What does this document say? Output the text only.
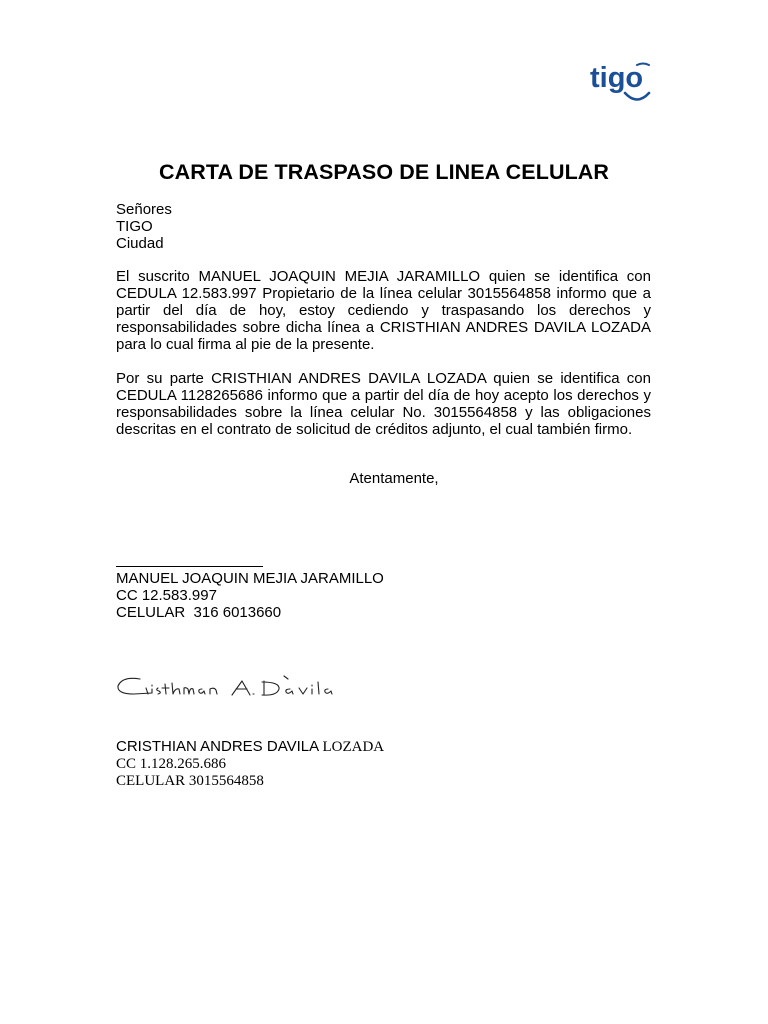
tigo
CARTA DE TRASPASO DE LINEA CELULAR
Señores
TIGO
Ciudad
El suscrito MANUEL JOAQUIN MEJIA JARAMILLO quien se identifica con CEDULA 12.583.997 Propietario de la línea celular 3015564858 informo que a partir del día de hoy, estoy cediendo y traspasando los derechos y responsabilidades sobre dicha línea a CRISTHIAN ANDRES DAVILA LOZADA para lo cual firma al pie de la presente.
Por su parte CRISTHIAN ANDRES DAVILA LOZADA quien se identifica con CEDULA 1128265686 informo que a partir del día de hoy acepto los derechos y responsabilidades sobre la línea celular No. 3015564858 y las obligaciones descritas en el contrato de solicitud de créditos adjunto, el cual también firmo.
Atentamente,
MANUEL JOAQUIN MEJIA JARAMILLO
CC 12.583.997
CELULAR  316 6013660
CRISTHIAN ANDRES DAVILA LOZADA
CC 1.128.265.686
CELULAR 3015564858
